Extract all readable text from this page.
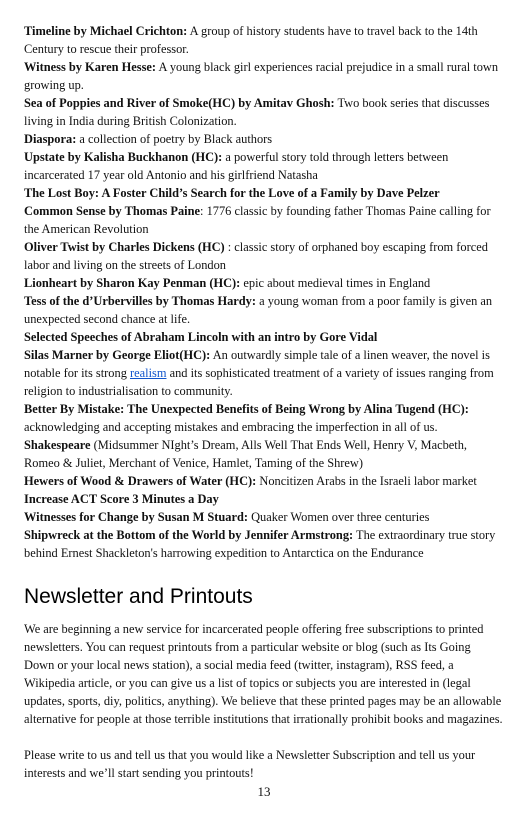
Timeline by Michael Crichton: A group of history students have to travel back to the 14th Century to rescue their professor.

Witness by Karen Hesse: A young black girl experiences racial prejudice in a small rural town growing up.

Sea of Poppies and River of Smoke(HC) by Amitav Ghosh: Two book series that discusses living in India during British Colonization.

Diaspora: a collection of poetry by Black authors

Upstate by Kalisha Buckhanon (HC): a powerful story told through letters between incarcerated 17 year old Antonio and his girlfriend Natasha

The Lost Boy: A Foster Child’s Search for the Love of a Family by Dave Pelzer

Common Sense by Thomas Paine: 1776 classic by founding father Thomas Paine calling for the American Revolution

Oliver Twist by Charles Dickens (HC) : classic story of orphaned boy escaping from forced labor and living on the streets of London

Lionheart by Sharon Kay Penman (HC): epic about medieval times in England

Tess of the d’Urbervilles by Thomas Hardy: a young woman from a poor family is given an unexpected second chance at life.

Selected Speeches of Abraham Lincoln with an intro by Gore Vidal

Silas Marner by George Eliot(HC): An outwardly simple tale of a linen weaver, the novel is notable for its strong realism and its sophisticated treatment of a variety of issues ranging from religion to industrialisation to community.

Better By Mistake: The Unexpected Benefits of Being Wrong by Alina Tugend (HC): acknowledging and accepting mistakes and embracing the imperfection in all of us.

Shakespeare (Midsummer NIght’s Dream, Alls Well That Ends Well, Henry V, Macbeth, Romeo & Juliet, Merchant of Venice, Hamlet, Taming of the Shrew)

Hewers of Wood & Drawers of Water (HC): Noncitizen Arabs in the Israeli labor market

Increase ACT Score 3 Minutes a Day

Witnesses for Change by Susan M Stuard: Quaker Women over three centuries

Shipwreck at the Bottom of the World by Jennifer Armstrong: The extraordinary true story behind Ernest Shackleton's harrowing expedition to Antarctica on the Endurance

Newsletter and Printouts

We are beginning a new service for incarcerated people offering free subscriptions to printed newsletters. You can request printouts from a particular website or blog (such as Its Going Down or your local news station), a social media feed (twitter, instagram), RSS feed, a Wikipedia article, or you can give us a list of topics or subjects you are interested in (legal updates, sports, diy, politics, anything). We believe that these printed pages may be an allowable alternative for people at those terrible institutions that irrationally prohibit books and magazines.

Please write to us and tell us that you would like a Newsletter Subscription and tell us your interests and we’ll start sending you printouts!

13
